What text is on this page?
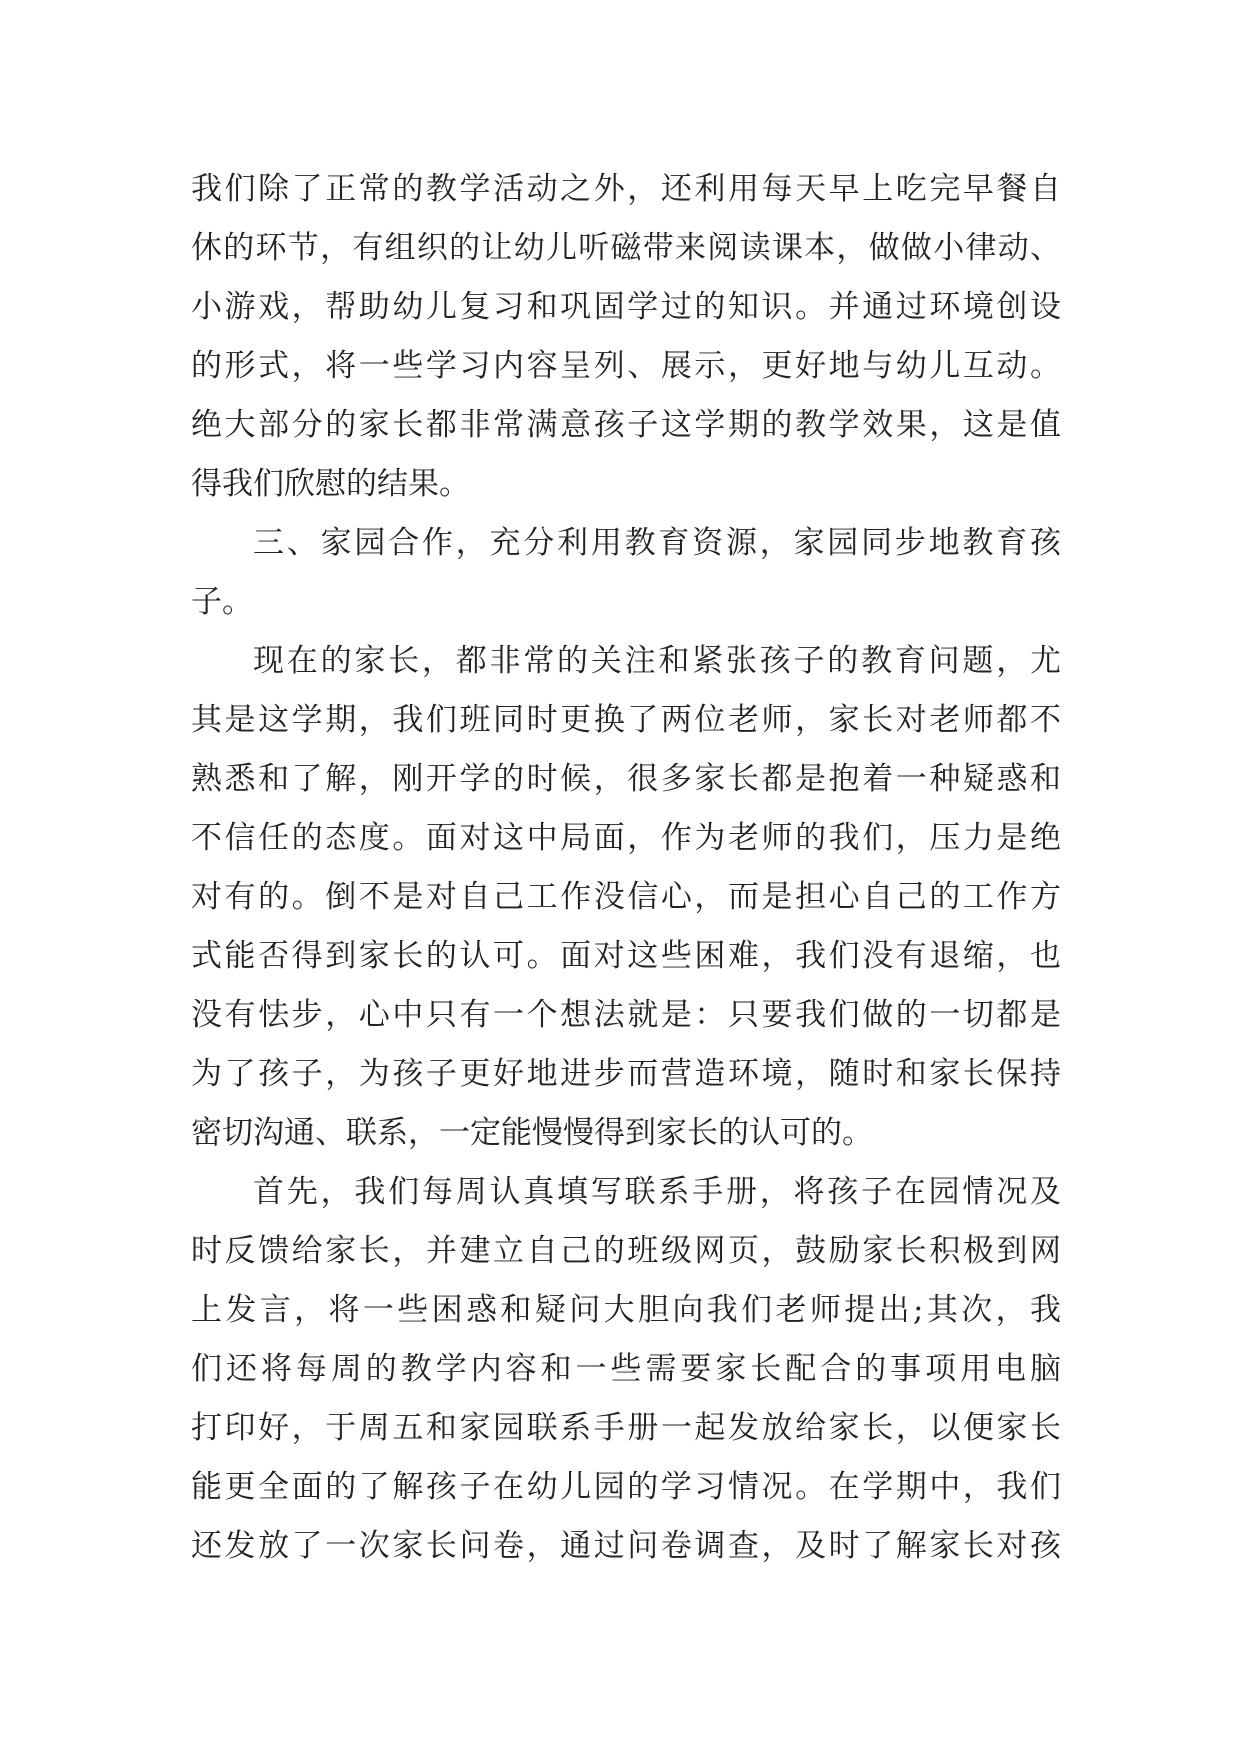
我们除了正常的教学活动之外，还利用每天早上吃完早餐自
休的环节，有组织的让幼儿听磁带来阅读课本，做做小律动、
小游戏，帮助幼儿复习和巩固学过的知识。并通过环境创设
的形式，将一些学习内容呈列、展示，更好地与幼儿互动。
绝大部分的家长都非常满意孩子这学期的教学效果，这是值
得我们欣慰的结果。
三、家园合作，充分利用教育资源，家园同步地教育孩
子。
现在的家长，都非常的关注和紧张孩子的教育问题，尤
其是这学期，我们班同时更换了两位老师，家长对老师都不
熟悉和了解，刚开学的时候，很多家长都是抱着一种疑惑和
不信任的态度。面对这中局面，作为老师的我们，压力是绝
对有的。倒不是对自己工作没信心，而是担心自己的工作方
式能否得到家长的认可。面对这些困难，我们没有退缩，也
没有怯步，心中只有一个想法就是：只要我们做的一切都是
为了孩子，为孩子更好地进步而营造环境，随时和家长保持
密切沟通、联系，一定能慢慢得到家长的认可的。
首先，我们每周认真填写联系手册，将孩子在园情况及
时反馈给家长，并建立自己的班级网页，鼓励家长积极到网
上发言，将一些困惑和疑问大胆向我们老师提出;其次，我
们还将每周的教学内容和一些需要家长配合的事项用电脑
打印好，于周五和家园联系手册一起发放给家长，以便家长
能更全面的了解孩子在幼儿园的学习情况。在学期中，我们
还发放了一次家长问卷，通过问卷调查，及时了解家长对孩
